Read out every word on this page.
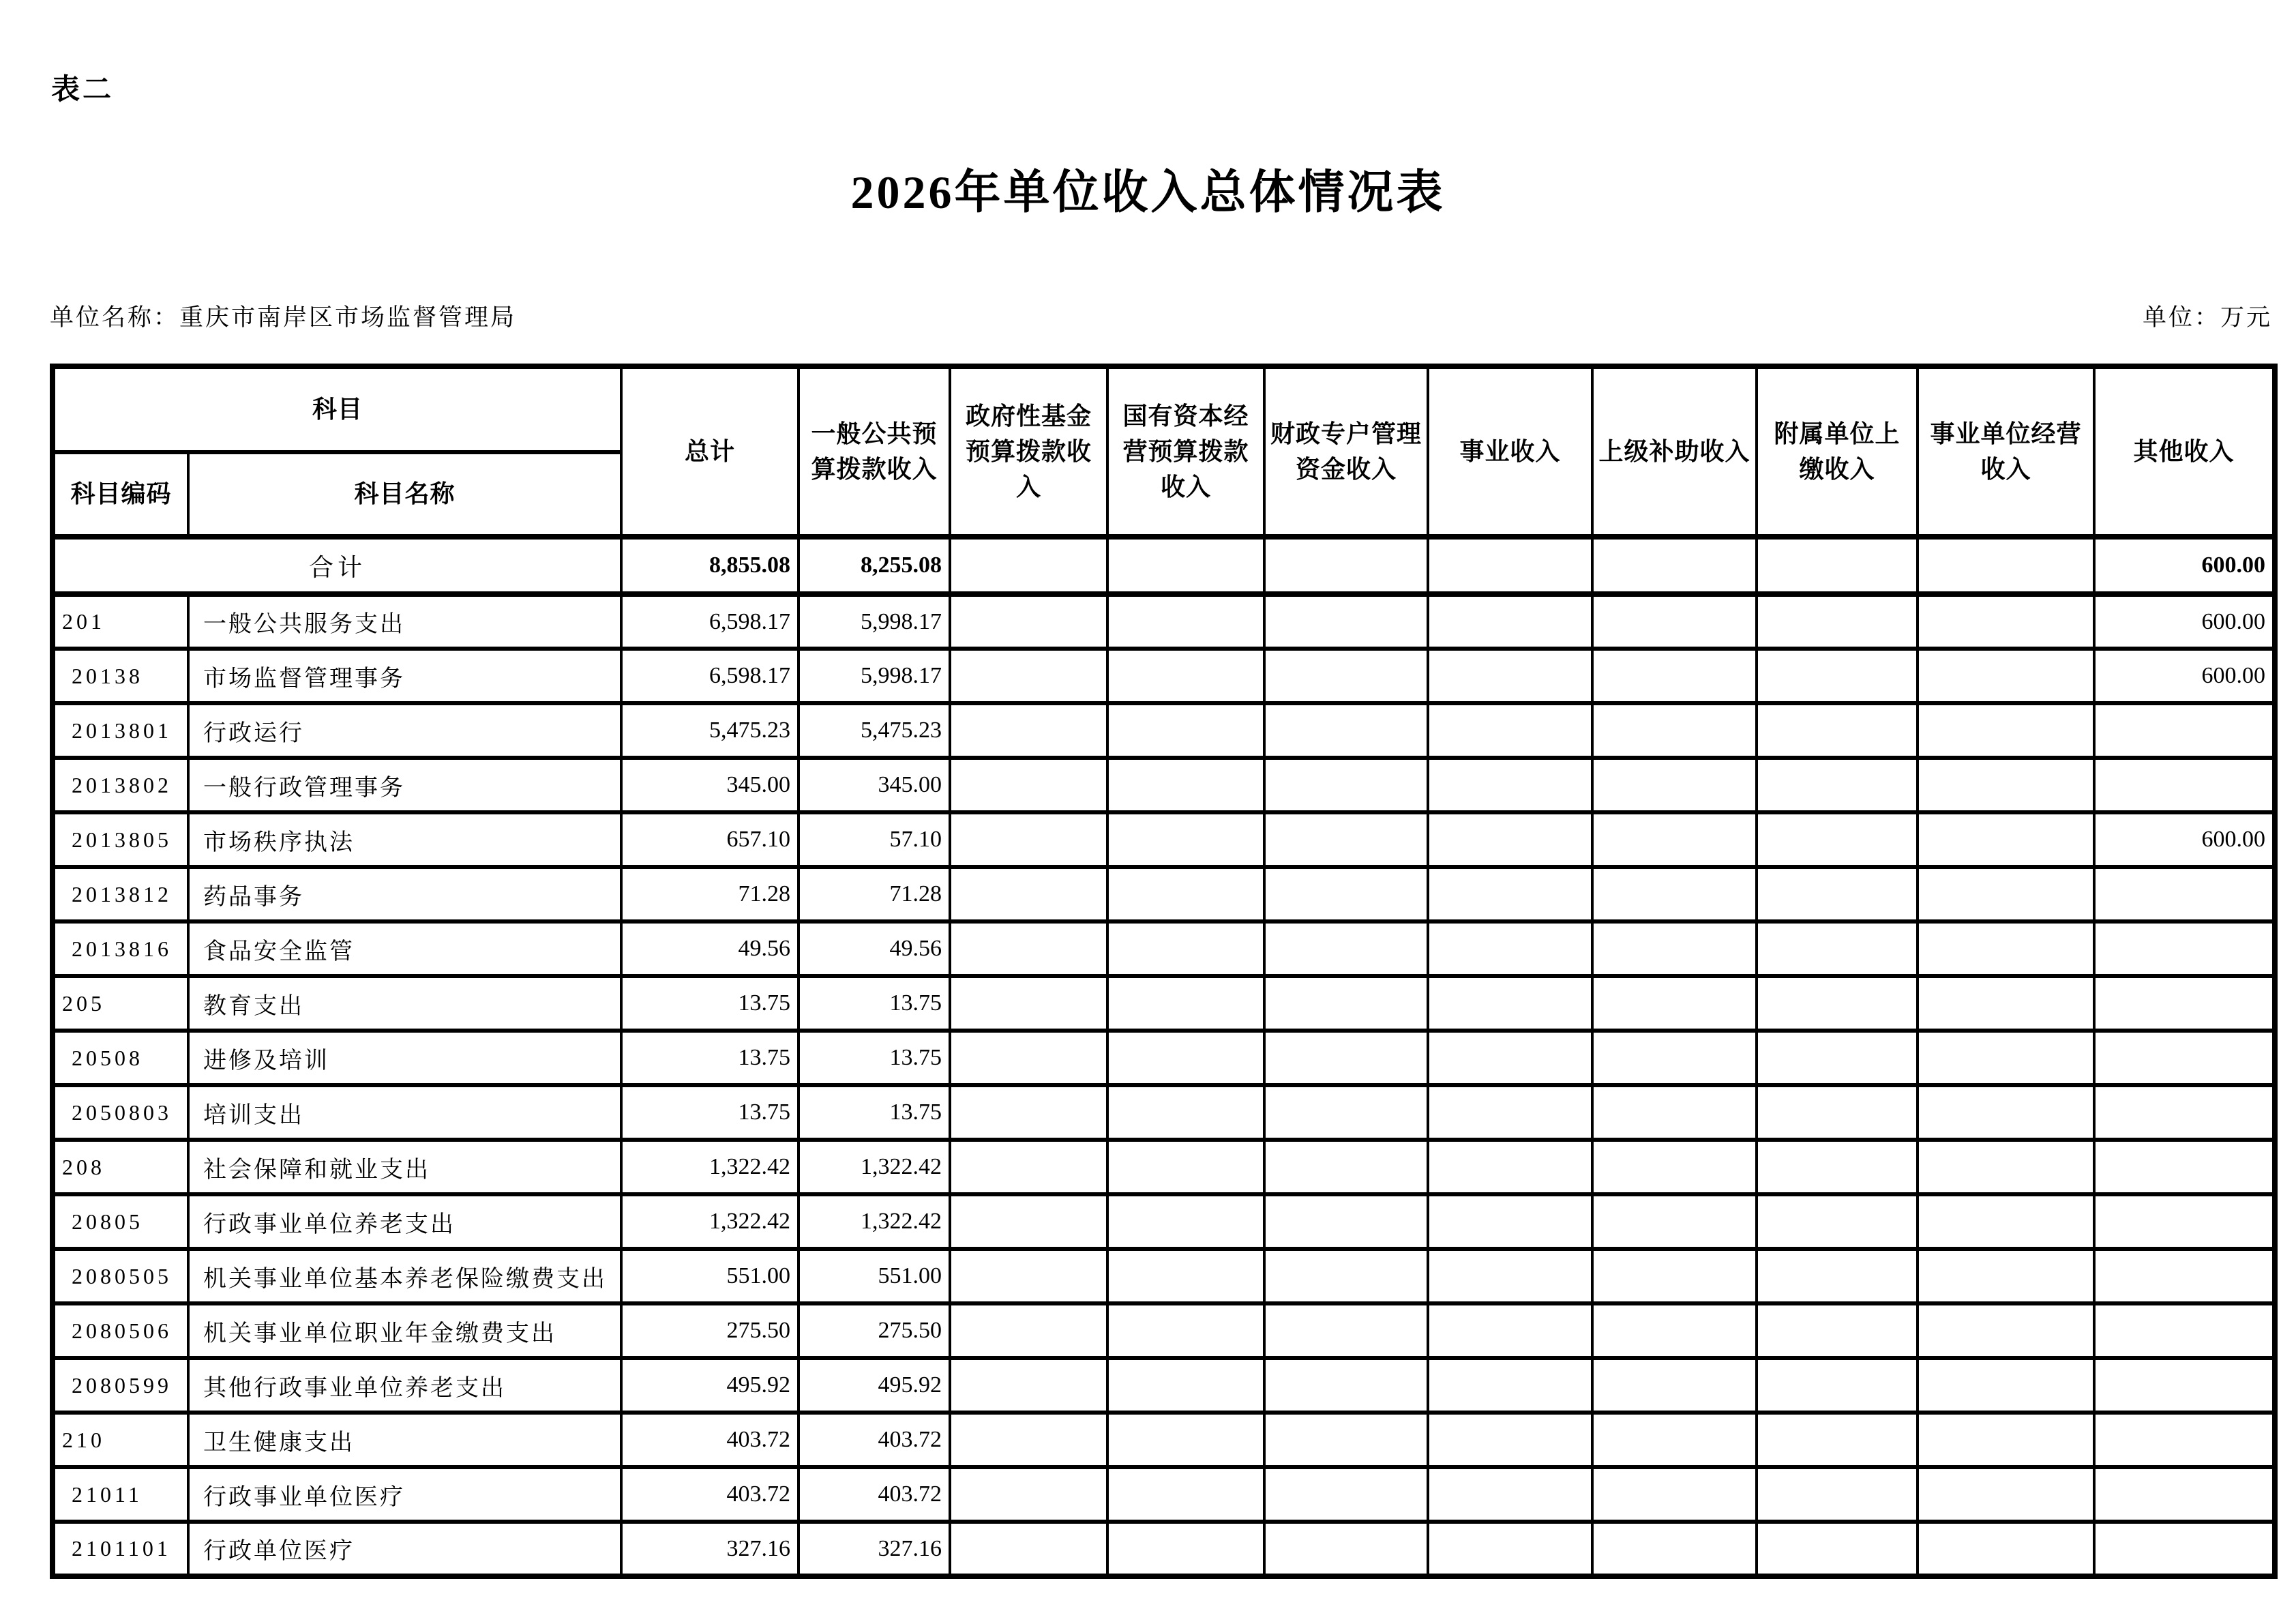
表二
2026年单位收入总体情况表
单位名称：重庆市南岸区市场监督管理局	单位：万元
科目		总计	一般公共预算拨款收入	政府性基金预算拨款收入	国有资本经营预算拨款收入	财政专户管理资金收入	事业收入	上级补助收入	附属单位上缴收入	事业单位经营收入	其他收入
科目编码	科目名称										
合计		8,855.08	8,255.08								600.00
201	一般公共服务支出	6,598.17	5,998.17								600.00
20138	市场监督管理事务	6,598.17	5,998.17								600.00
2013801	行政运行	5,475.23	5,475.23								
2013802	一般行政管理事务	345.00	345.00								
2013805	市场秩序执法	657.10	57.10								600.00
2013812	药品事务	71.28	71.28								
2013816	食品安全监管	49.56	49.56								
205	教育支出	13.75	13.75								
20508	进修及培训	13.75	13.75								
2050803	培训支出	13.75	13.75								
208	社会保障和就业支出	1,322.42	1,322.42								
20805	行政事业单位养老支出	1,322.42	1,322.42								
2080505	机关事业单位基本养老保险缴费支出	551.00	551.00								
2080506	机关事业单位职业年金缴费支出	275.50	275.50								
2080599	其他行政事业单位养老支出	495.92	495.92								
210	卫生健康支出	403.72	403.72								
21011	行政事业单位医疗	403.72	403.72								
2101101	行政单位医疗	327.16	327.16								
